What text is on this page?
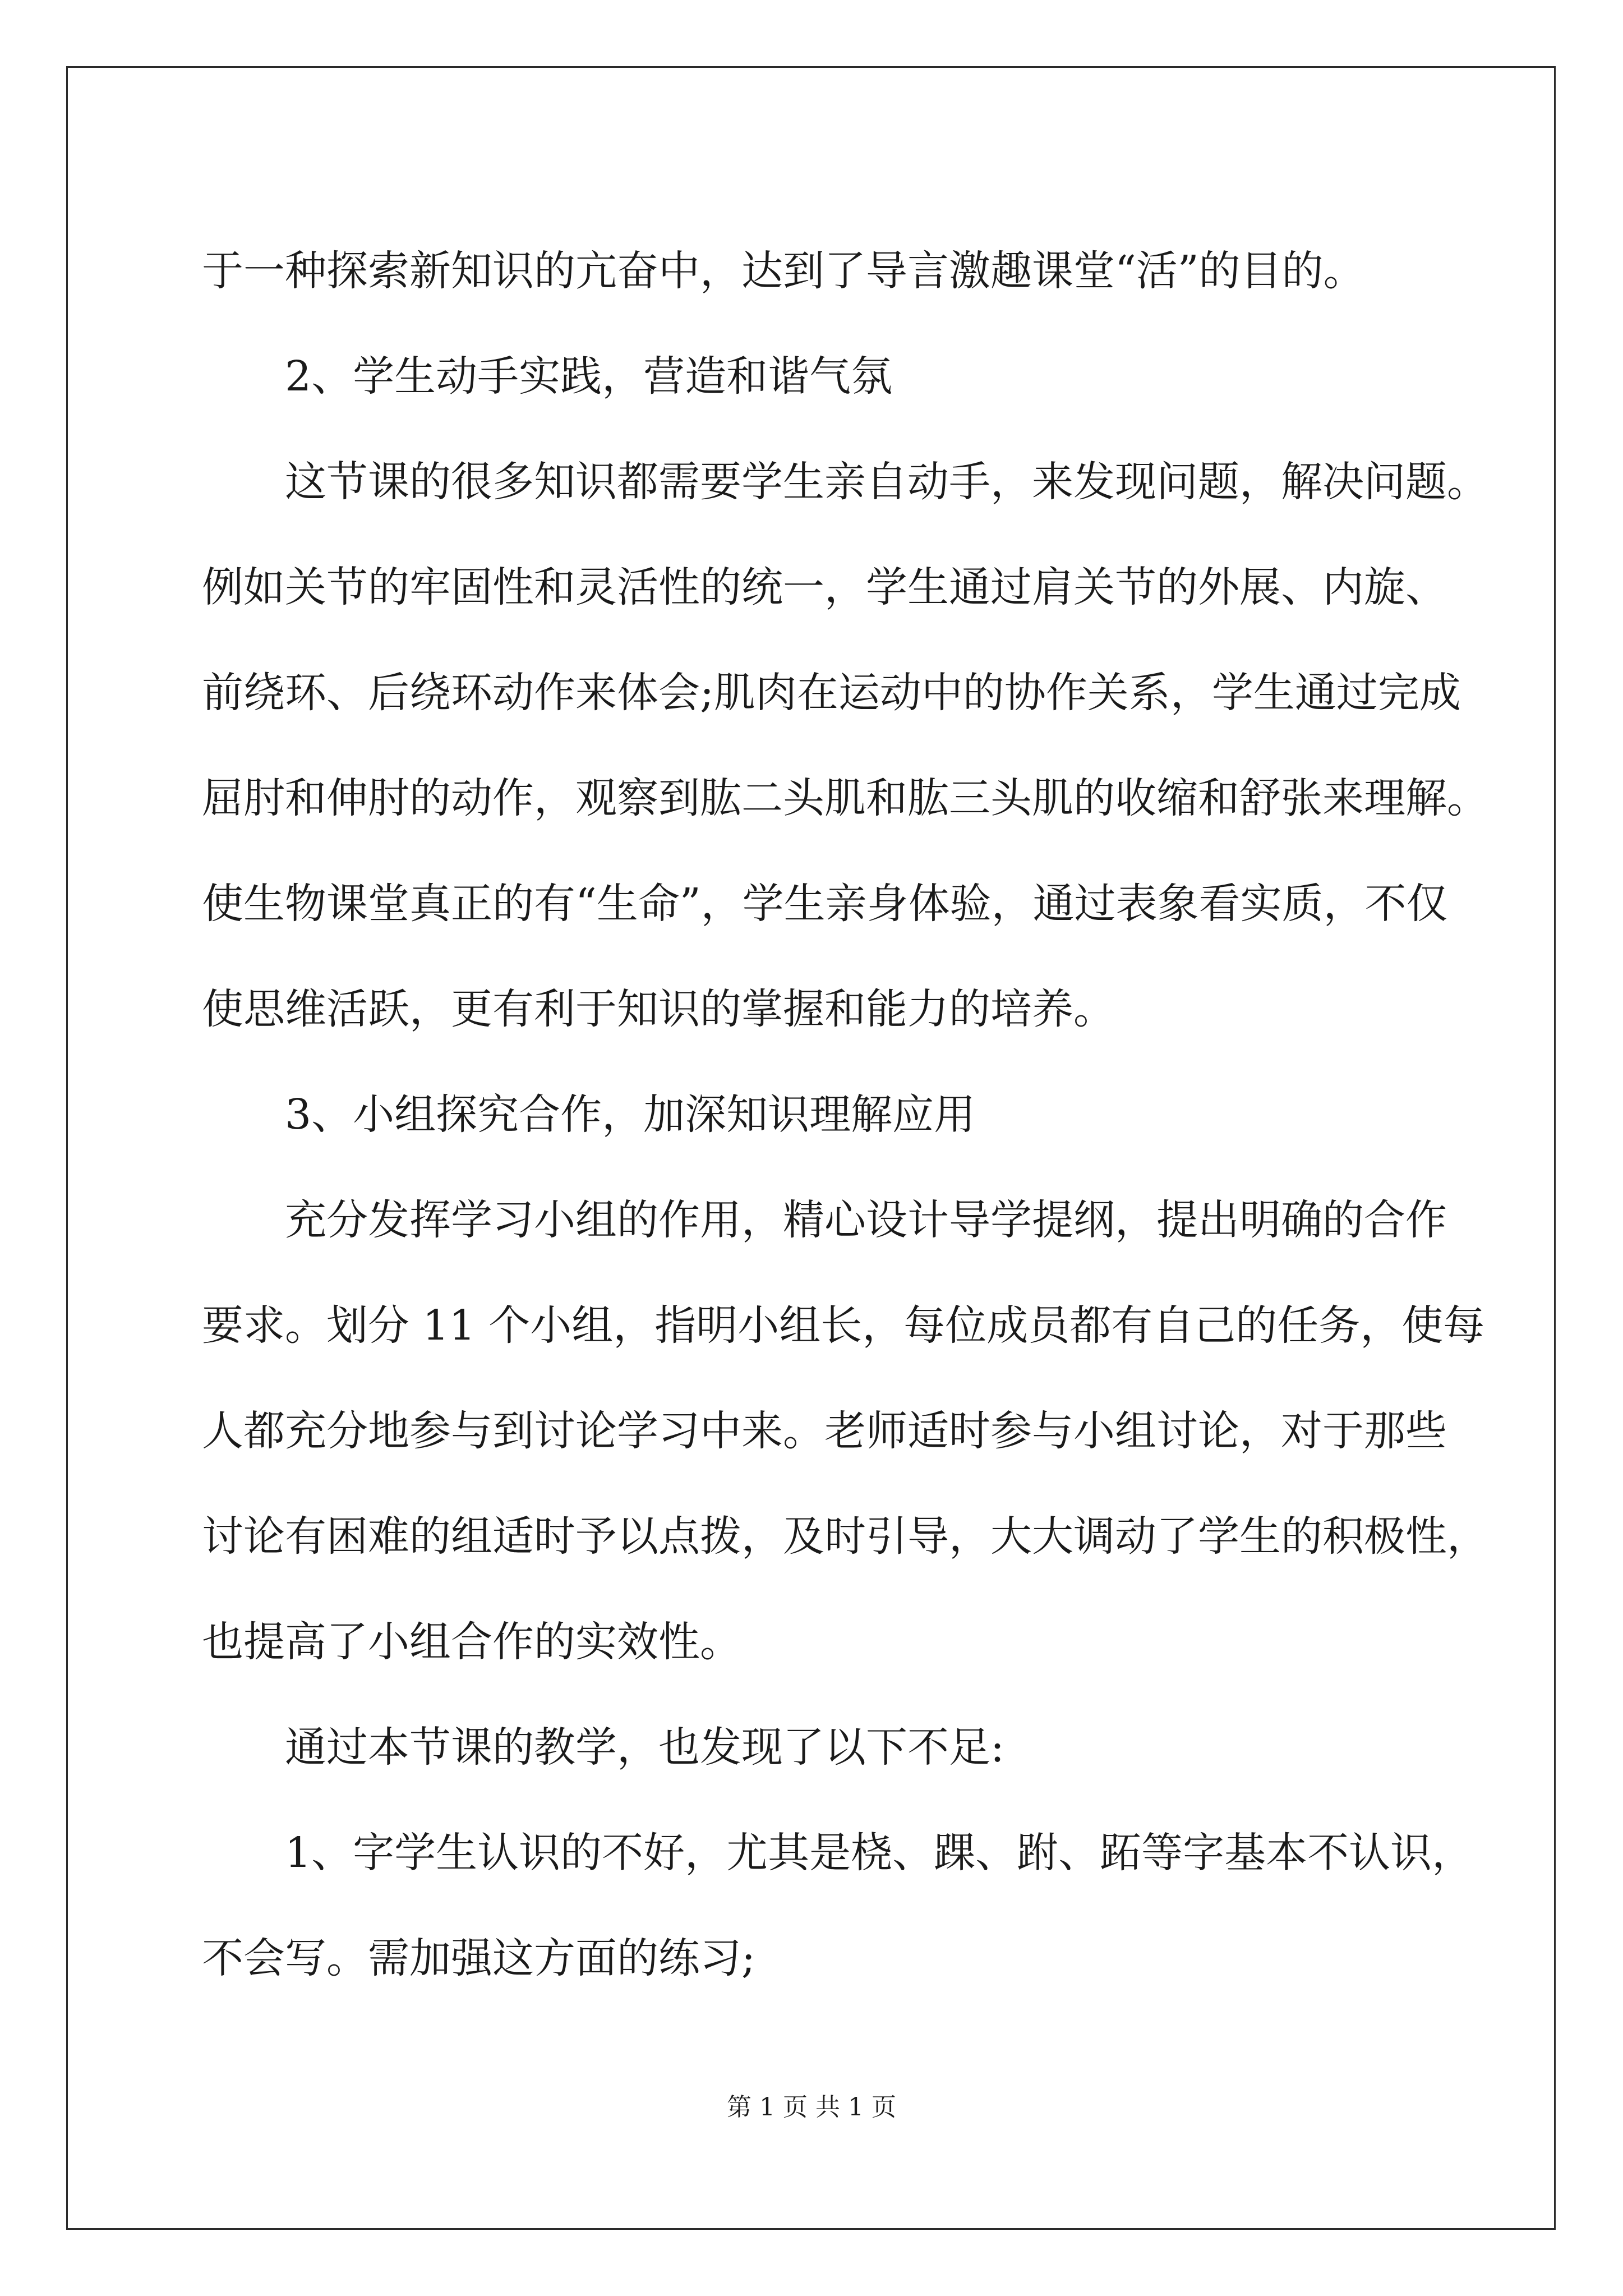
于一种探索新知识的亢奋中，达到了导言激趣课堂“活”的目的。
2、学生动手实践，营造和谐气氛
这节课的很多知识都需要学生亲自动手，来发现问题，解决问题。
例如关节的牢固性和灵活性的统一，学生通过肩关节的外展、内旋、
前绕环、后绕环动作来体会;肌肉在运动中的协作关系，学生通过完成
屈肘和伸肘的动作，观察到肱二头肌和肱三头肌的收缩和舒张来理解。
使生物课堂真正的有“生命”，学生亲身体验，通过表象看实质，不仅
使思维活跃，更有利于知识的掌握和能力的培养。
3、小组探究合作，加深知识理解应用
充分发挥学习小组的作用，精心设计导学提纲，提出明确的合作
要求。划分 11 个小组，指明小组长，每位成员都有自己的任务，使每
人都充分地参与到讨论学习中来。老师适时参与小组讨论，对于那些
讨论有困难的组适时予以点拨，及时引导，大大调动了学生的积极性，
也提高了小组合作的实效性。
通过本节课的教学，也发现了以下不足:
1、字学生认识的不好，尤其是桡、踝、跗、跖等字基本不认识，
不会写。需加强这方面的练习;
第 1 页 共 1 页
